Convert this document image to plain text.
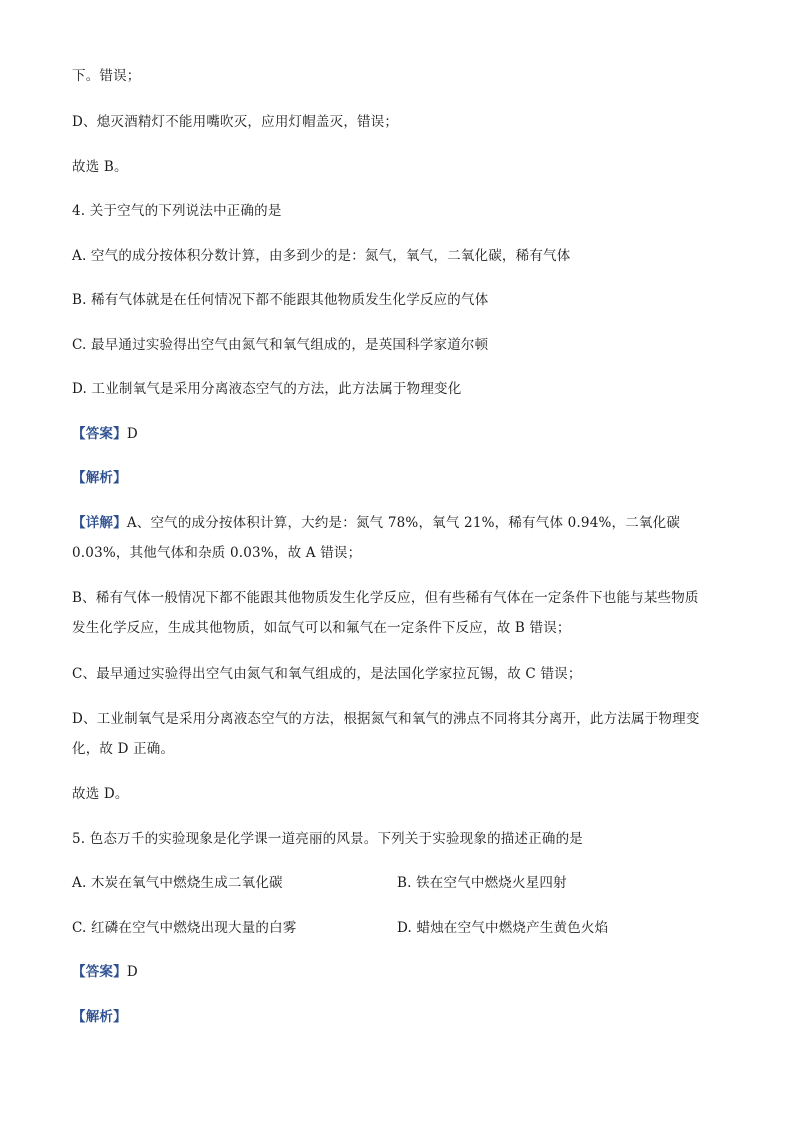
下。错误；
D、熄灭酒精灯不能用嘴吹灭，应用灯帽盖灭，错误；
故选 B。
4. 关于空气的下列说法中正确的是
A. 空气的成分按体积分数计算，由多到少的是：氮气，氧气，二氧化碳，稀有气体
B. 稀有气体就是在任何情况下都不能跟其他物质发生化学反应的气体
C. 最早通过实验得出空气由氮气和氧气组成的，是英国科学家道尔顿
D. 工业制氧气是采用分离液态空气的方法，此方法属于物理变化
【答案】D
【解析】
【详解】A、空气的成分按体积计算，大约是：氮气 78%，氧气 21%，稀有气体 0.94%，二氧化碳
0.03%，其他气体和杂质 0.03%，故 A 错误；
B、稀有气体一般情况下都不能跟其他物质发生化学反应，但有些稀有气体在一定条件下也能与某些物质
发生化学反应，生成其他物质，如氙气可以和氟气在一定条件下反应，故 B 错误；
C、最早通过实验得出空气由氮气和氧气组成的，是法国化学家拉瓦锡，故 C 错误；
D、工业制氧气是采用分离液态空气的方法，根据氮气和氧气的沸点不同将其分离开，此方法属于物理变
化，故 D 正确。
故选 D。
5. 色态万千的实验现象是化学课一道亮丽的风景。下列关于实验现象的描述正确的是
A. 木炭在氧气中燃烧生成二氧化碳	B. 铁在空气中燃烧火星四射
C. 红磷在空气中燃烧出现大量的白雾	D. 蜡烛在空气中燃烧产生黄色火焰
【答案】D
【解析】
